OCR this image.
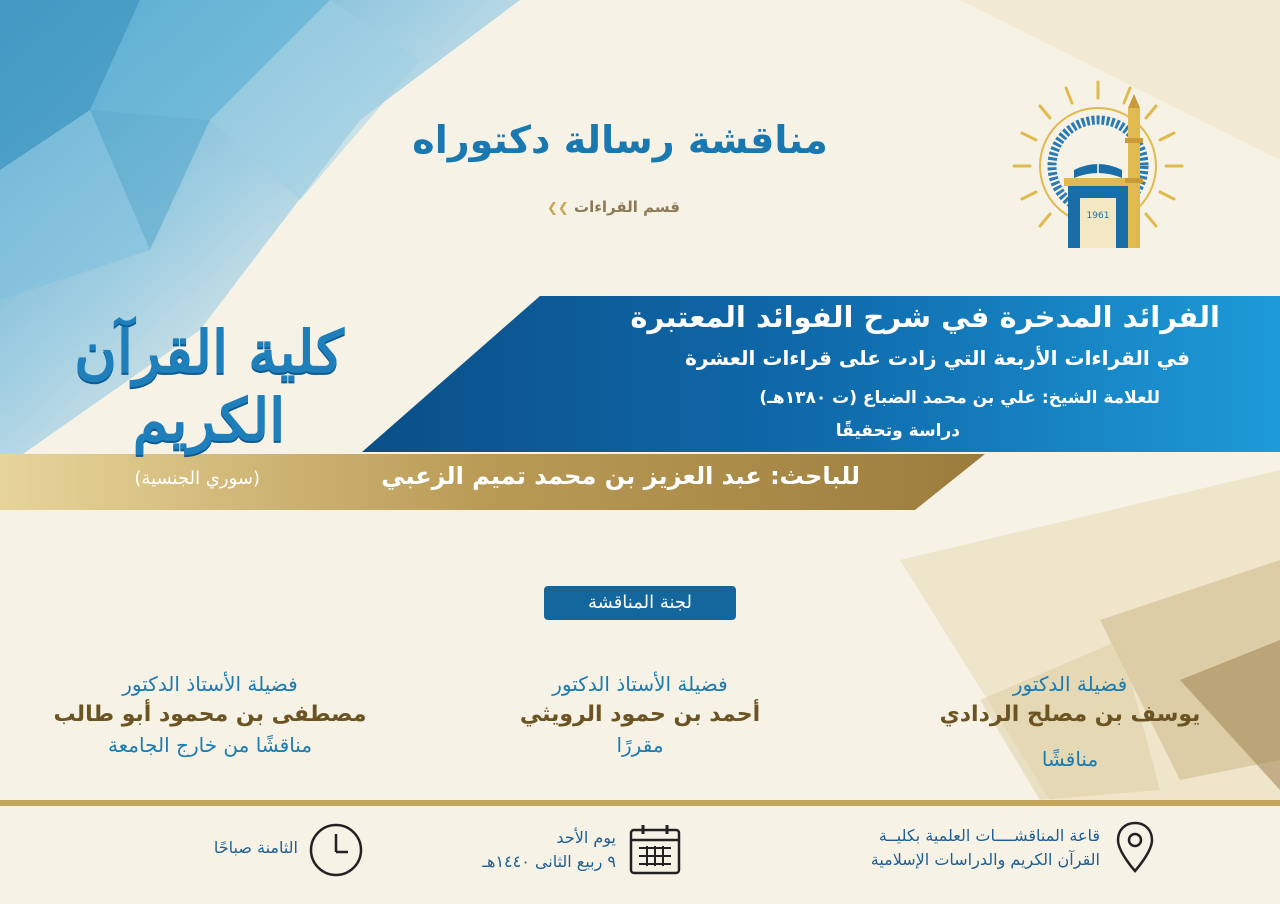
١٣٨١
1961
مناقشة رسالة دكتوراه
قسم القراءات ❯❯
كلية القرآن الكريم
الفرائد المدخرة في شرح الفوائد المعتبرة
في القراءات الأربعة التي زادت على قراءات العشرة
للعلامة الشيخ: علي بن محمد الضباع (ت ١٣٨٠هـ)
دراسة وتحقيقًا
للباحث: عبد العزيز بن محمد تميم الزعبي
(سوري الجنسية)
لجنة المناقشة
فضيلة الدكتور
يوسف بن مصلح الردادي
مناقشًا
فضيلة الأستاذ الدكتور
أحمد بن حمود الرويثي
مقررًا
فضيلة الأستاذ الدكتور
مصطفى بن محمود أبو طالب
مناقشًا من خارج الجامعة
قاعة المناقشــــات العلمية بكليــة
القرآن الكريم والدراسات الإسلامية
يوم الأحد
٩ ربيع الثانى ١٤٤٠هـ
الثامنة صباحًا
